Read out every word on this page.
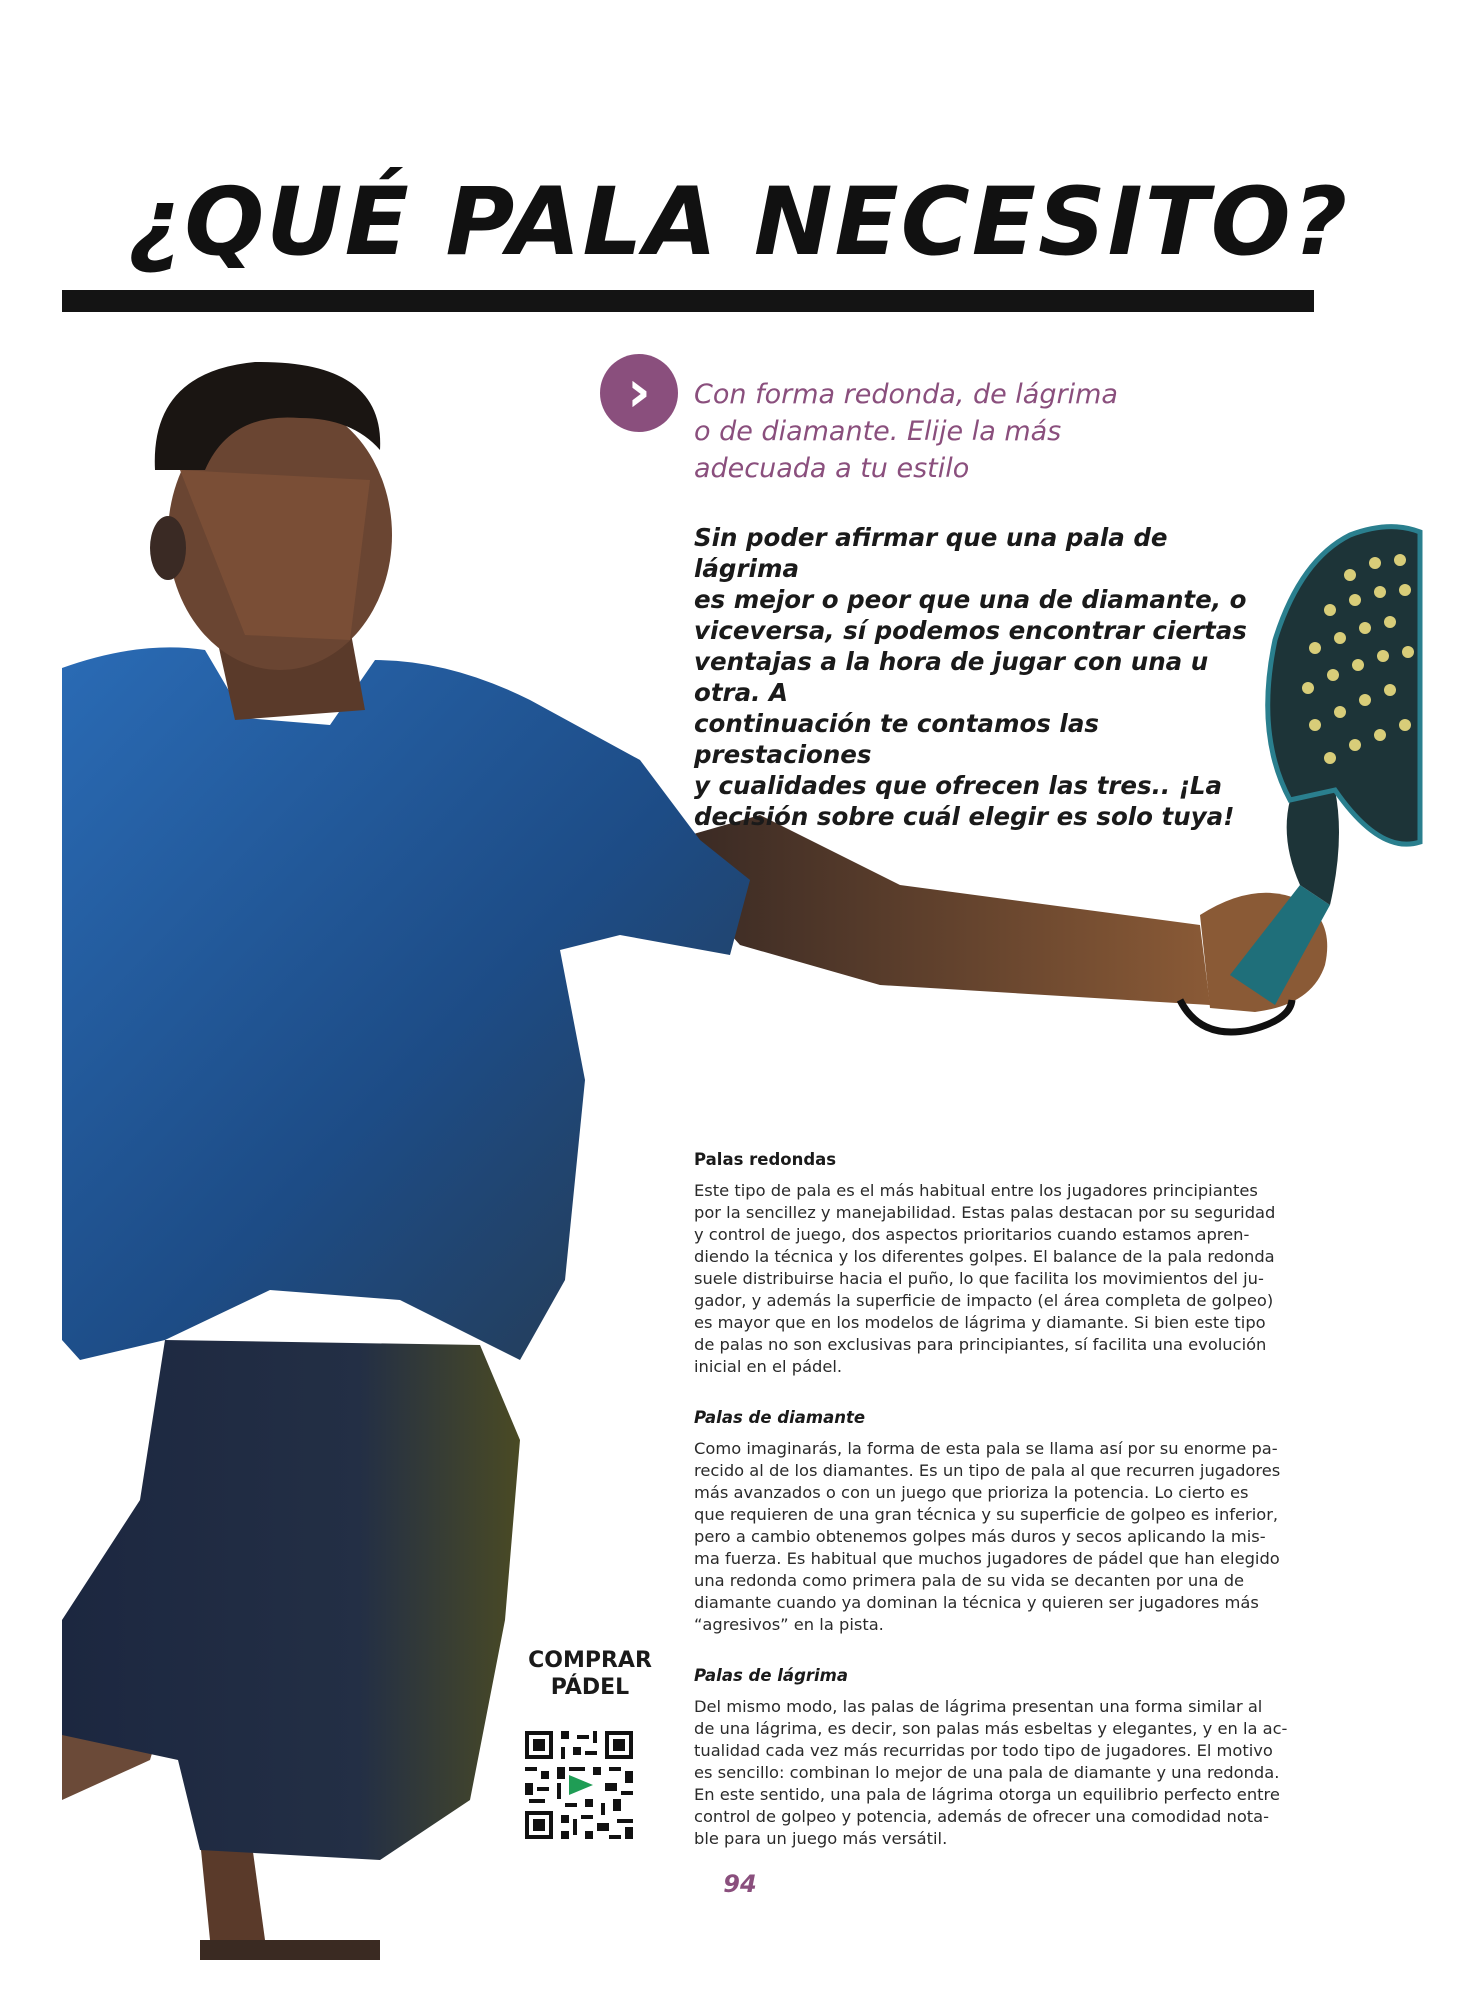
¿QUÉ PALA NECESITO?
›	Con forma redonda, de lágrima
o de diamante. Elije la más
adecuada a tu estilo

Sin poder afirmar que una pala de lágrima
es mejor o peor que una de diamante, o
viceversa, sí podemos encontrar ciertas
ventajas a la hora de jugar con una u otra. A
continuación te contamos las prestaciones
y cualidades que ofrecen las tres.. ¡La
decisión sobre cuál elegir es solo tuya!

Palas redondas

Este tipo de pala es el más habitual entre los jugadores principiantes
por la sencillez y manejabilidad. Estas palas destacan por su seguridad
y control de juego, dos aspectos prioritarios cuando estamos apren-
diendo la técnica y los diferentes golpes. El balance de la pala redonda
suele distribuirse hacia el puño, lo que facilita los movimientos del ju-
gador, y además la superficie de impacto (el área completa de golpeo)
es mayor que en los modelos de lágrima y diamante. Si bien este tipo
de palas no son exclusivas para principiantes, sí facilita una evolución
inicial en el pádel.

Palas de diamante

Como imaginarás, la forma de esta pala se llama así por su enorme pa-
recido al de los diamantes. Es un tipo de pala al que recurren jugadores
más avanzados o con un juego que prioriza la potencia. Lo cierto es
que requieren de una gran técnica y su superficie de golpeo es inferior,
pero a cambio obtenemos golpes más duros y secos aplicando la mis-
ma fuerza. Es habitual que muchos jugadores de pádel que han elegido
una redonda como primera pala de su vida se decanten por una de
diamante cuando ya dominan la técnica y quieren ser jugadores más
“agresivos” en la pista.

Palas de lágrima

Del mismo modo, las palas de lágrima presentan una forma similar al
de una lágrima, es decir, son palas más esbeltas y elegantes, y en la ac-
tualidad cada vez más recurridas por todo tipo de jugadores. El motivo
es sencillo: combinan lo mejor de una pala de diamante y una redonda.
En este sentido, una pala de lágrima otorga un equilibrio perfecto entre
control de golpeo y potencia, además de ofrecer una comodidad nota-
ble para un juego más versátil.

COMPRAR
PÁDEL

94
